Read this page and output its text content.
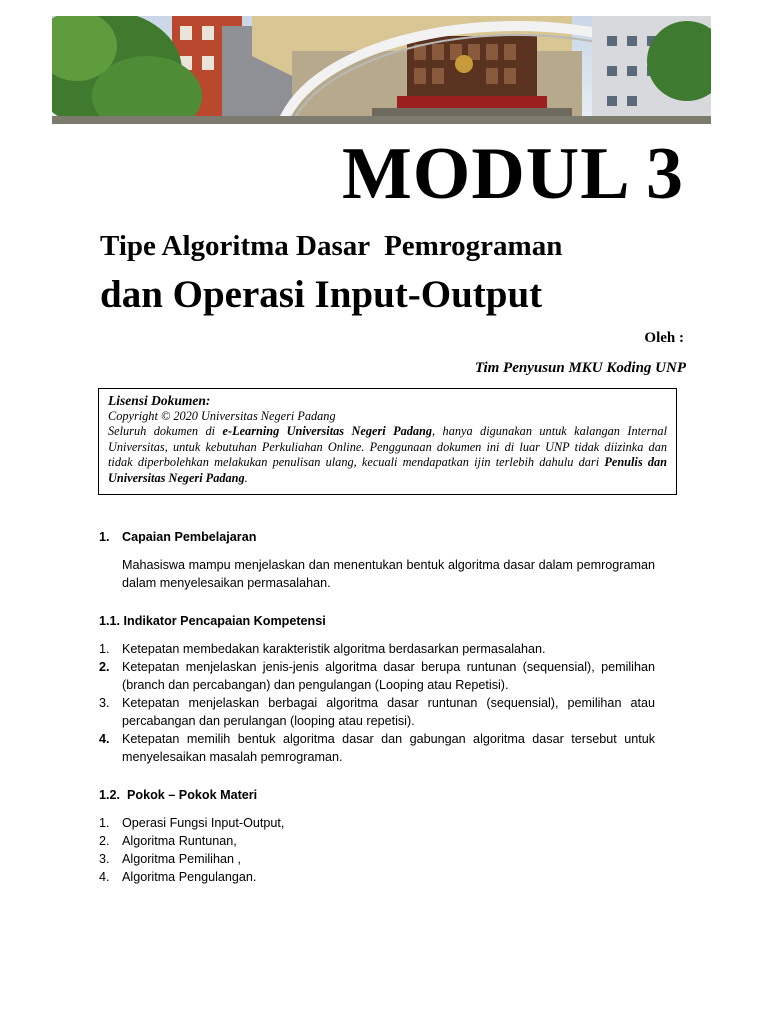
MODUL 3
Tipe Algoritma Dasar  Pemrograman
dan Operasi Input-Output
Oleh :
Tim Penyusun MKU Koding UNP
Lisensi Dokumen:
Copyright © 2020 Universitas Negeri Padang
Seluruh dokumen di e-Learning Universitas Negeri Padang, hanya digunakan untuk kalangan Internal Universitas, untuk kebutuhan Perkuliahan Online. Penggunaan dokumen ini di luar UNP tidak diizinka dan tidak diperbolehkan melakukan penulisan ulang, kecuali mendapatkan ijin terlebih dahulu dari Penulis dan Universitas Negeri Padang.
1. Capaian Pembelajaran
Mahasiswa mampu menjelaskan dan menentukan bentuk algoritma dasar dalam pemrograman dalam menyelesaikan permasalahan.
1.1. Indikator Pencapaian Kompetensi
1. Ketepatan membedakan karakteristik algoritma berdasarkan permasalahan.
2. Ketepatan menjelaskan jenis-jenis algoritma dasar berupa runtunan (sequensial), pemilihan (branch dan percabangan) dan pengulangan (Looping atau Repetisi).
3. Ketepatan menjelaskan berbagai algoritma dasar runtunan (sequensial), pemilihan atau percabangan dan perulangan (looping atau repetisi).
4. Ketepatan memilih bentuk algoritma dasar dan gabungan algoritma dasar tersebut untuk menyelesaikan masalah pemrograman.
1.2.  Pokok – Pokok Materi
1. Operasi Fungsi Input-Output,
2. Algoritma Runtunan,
3. Algoritma Pemilihan ,
4. Algoritma Pengulangan.
